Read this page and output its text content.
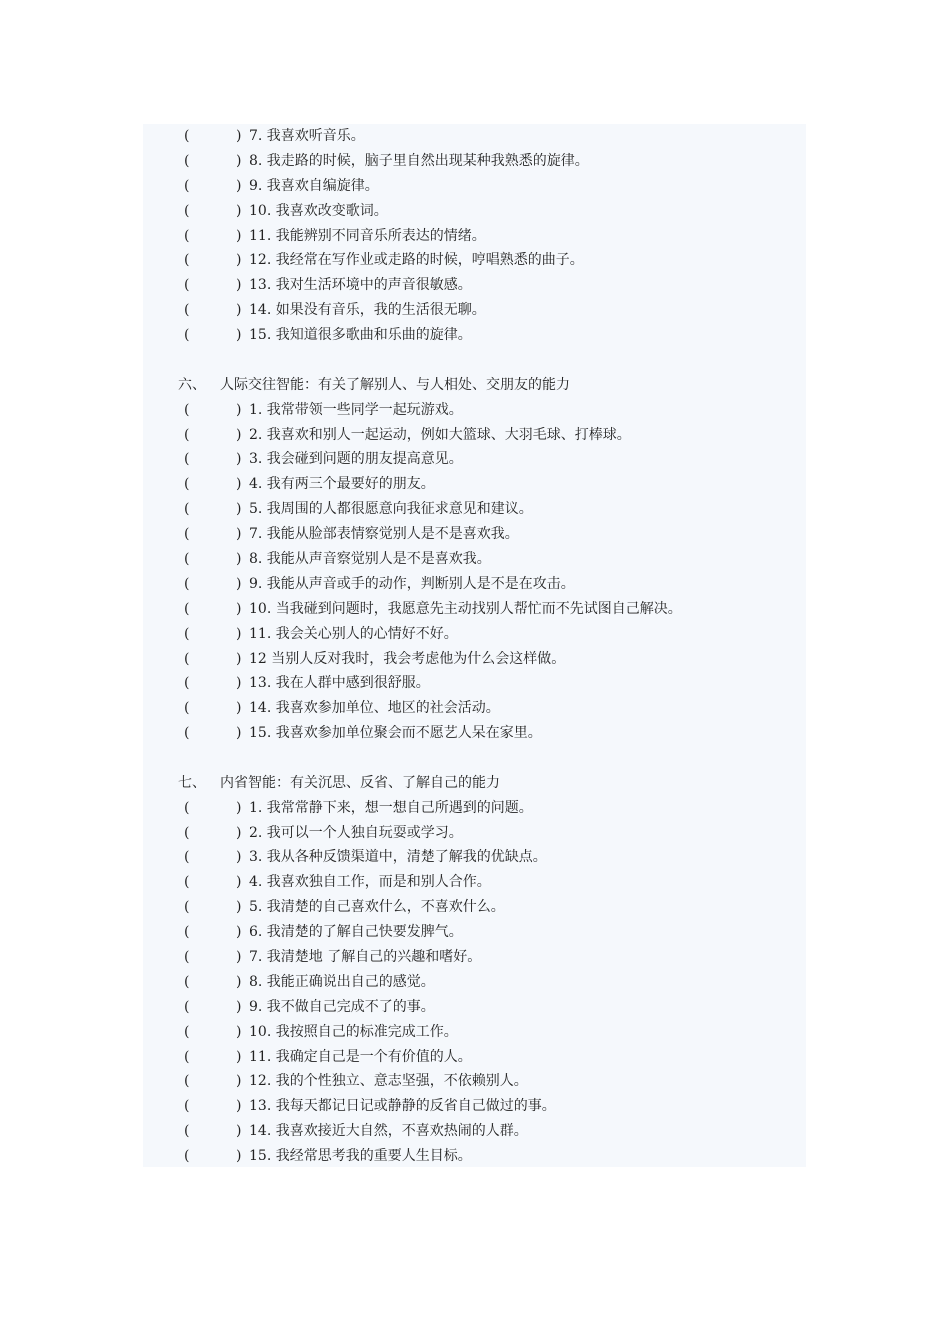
(	) 7. 我喜欢听音乐。
(	) 8. 我走路的时候，脑子里自然出现某种我熟悉的旋律。
(	) 9. 我喜欢自编旋律。
(	) 10. 我喜欢改变歌词。
(	) 11. 我能辨别不同音乐所表达的情绪。
(	) 12. 我经常在写作业或走路的时候，哼唱熟悉的曲子。
(	) 13. 我对生活环境中的声音很敏感。
(	) 14. 如果没有音乐，我的生活很无聊。
(	) 15. 我知道很多歌曲和乐曲的旋律。
六、 人际交往智能：有关了解别人、与人相处、交朋友的能力
(	) 1. 我常带领一些同学一起玩游戏。
(	) 2. 我喜欢和别人一起运动，例如大篮球、大羽毛球、打棒球。
(	) 3. 我会碰到问题的朋友提高意见。
(	) 4. 我有两三个最要好的朋友。
(	) 5. 我周围的人都很愿意向我征求意见和建议。
(	) 7. 我能从脸部表情察觉别人是不是喜欢我。
(	) 8. 我能从声音察觉别人是不是喜欢我。
(	) 9. 我能从声音或手的动作，判断别人是不是在攻击。
(	) 10. 当我碰到问题时，我愿意先主动找别人帮忙而不先试图自己解决。
(	) 11. 我会关心别人的心情好不好。
(	) 12 当别人反对我时，我会考虑他为什么会这样做。
(	) 13. 我在人群中感到很舒服。
(	) 14. 我喜欢参加单位、地区的社会活动。
(	) 15. 我喜欢参加单位聚会而不愿艺人呆在家里。
七、 内省智能：有关沉思、反省、了解自己的能力
(	) 1. 我常常静下来，想一想自己所遇到的问题。
(	) 2. 我可以一个人独自玩耍或学习。
(	) 3. 我从各种反馈渠道中，清楚了解我的优缺点。
(	) 4. 我喜欢独自工作，而是和别人合作。
(	) 5. 我清楚的自己喜欢什么，不喜欢什么。
(	) 6. 我清楚的了解自己快要发脾气。
(	) 7. 我清楚地 了解自己的兴趣和嗜好。
(	) 8. 我能正确说出自己的感觉。
(	) 9. 我不做自己完成不了的事。
(	) 10. 我按照自己的标准完成工作。
(	) 11. 我确定自己是一个有价值的人。
(	) 12. 我的个性独立、意志坚强，不依赖别人。
(	) 13. 我每天都记日记或静静的反省自己做过的事。
(	) 14. 我喜欢接近大自然，不喜欢热闹的人群。
(	) 15. 我经常思考我的重要人生目标。
